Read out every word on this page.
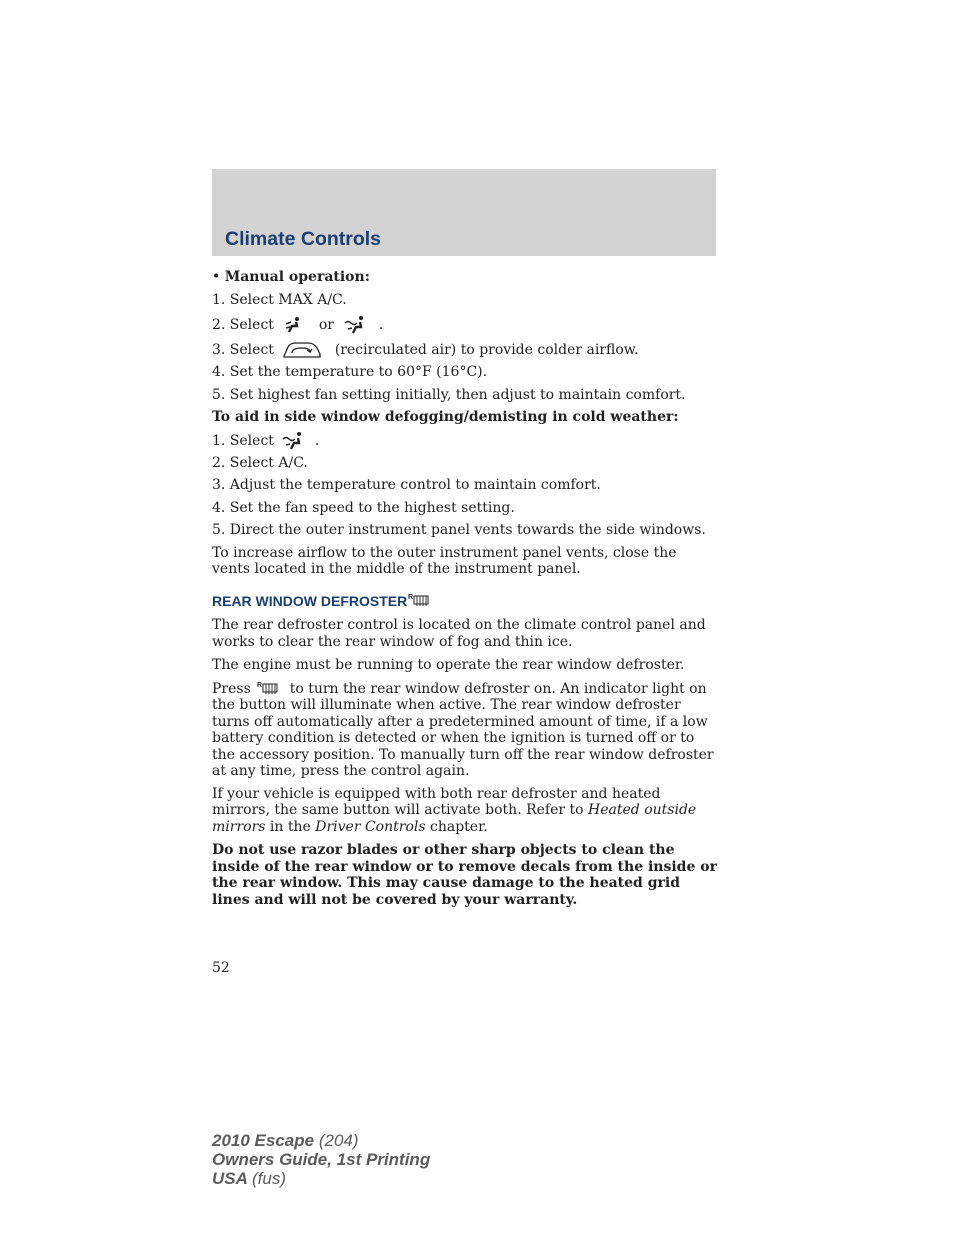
Climate Controls

• Manual operation:

1. Select MAX A/C.

2. Select	or	.

3. Select	(recirculated air) to provide colder airflow.

4. Set the temperature to 60°F (16°C).

5. Set highest fan setting initially, then adjust to maintain comfort.

To aid in side window defogging/demisting in cold weather:

1. Select	.

2. Select A/C.

3. Adjust the temperature control to maintain comfort.

4. Set the fan speed to the highest setting.

5. Direct the outer instrument panel vents towards the side windows.

To increase airflow to the outer instrument panel vents, close the vents located in the middle of the instrument panel.

REAR WINDOW DEFROSTER R

The rear defroster control is located on the climate control panel and works to clear the rear window of fog and thin ice.

The engine must be running to operate the rear window defroster.

Press R to turn the rear window defroster on. An indicator light on the button will illuminate when active. The rear window defroster turns off automatically after a predetermined amount of time, if a low battery condition is detected or when the ignition is turned off or to the accessory position. To manually turn off the rear window defroster at any time, press the control again.

If your vehicle is equipped with both rear defroster and heated mirrors, the same button will activate both. Refer to Heated outside mirrors in the Driver Controls chapter.

Do not use razor blades or other sharp objects to clean the inside of the rear window or to remove decals from the inside or the rear window. This may cause damage to the heated grid lines and will not be covered by your warranty.

52
2010 Escape (204)
Owners Guide, 1st Printing
USA (fus)
